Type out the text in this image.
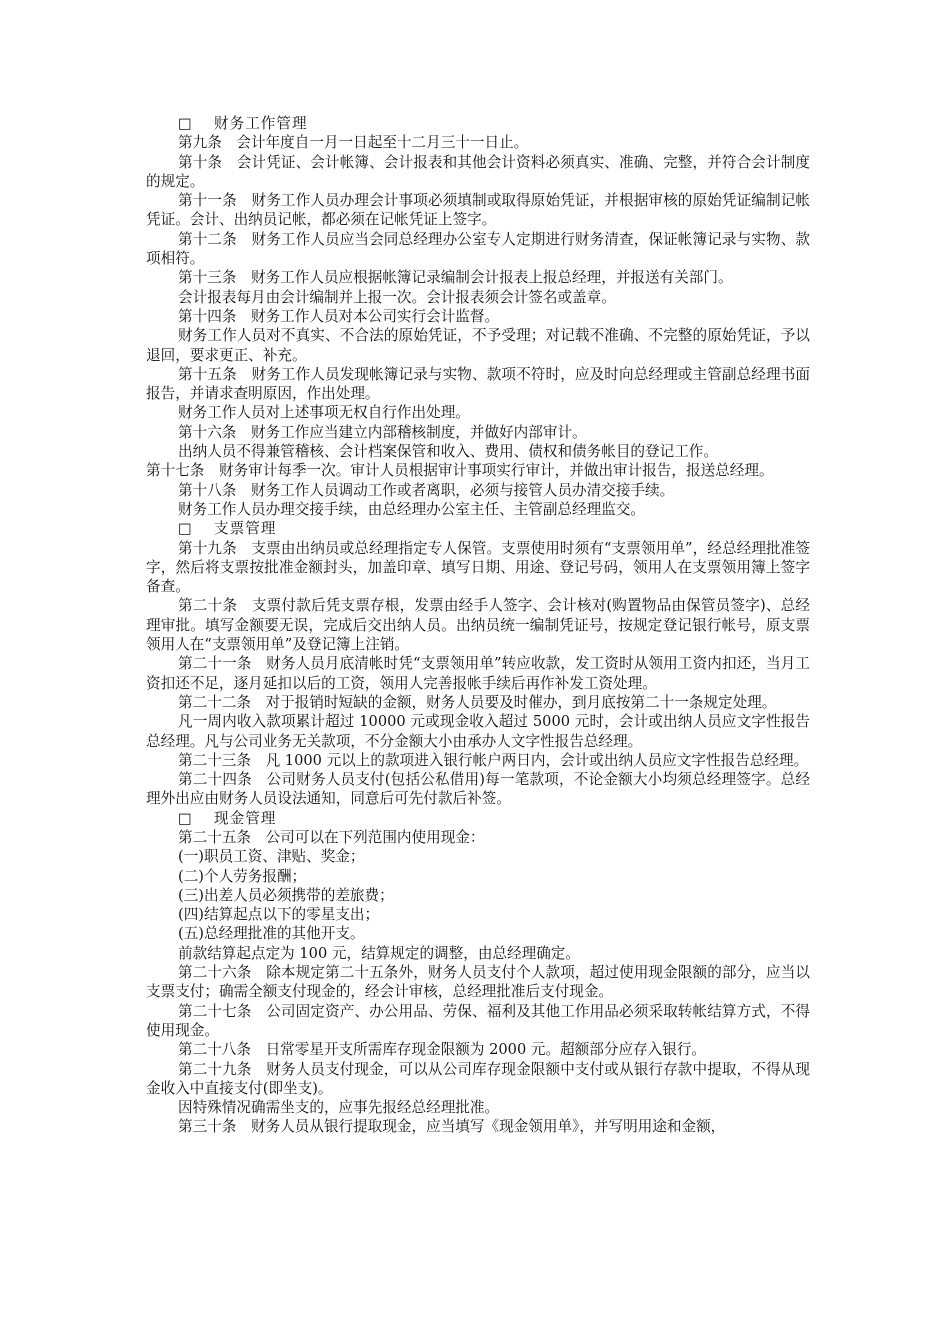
□　 财务工作管理

第九条　会计年度自一月一日起至十二月三十一日止。

第十条　会计凭证、会计帐簿、会计报表和其他会计资料必须真实、准确、完整，并符合会计制度的规定。

第十一条　财务工作人员办理会计事项必须填制或取得原始凭证，并根据审核的原始凭证编制记帐凭证。会计、出纳员记帐，都必须在记帐凭证上签字。

第十二条　财务工作人员应当会同总经理办公室专人定期进行财务清查，保证帐簿记录与实物、款项相符。

第十三条　财务工作人员应根据帐簿记录编制会计报表上报总经理，并报送有关部门。

会计报表每月由会计编制并上报一次。会计报表须会计签名或盖章。

第十四条　财务工作人员对本公司实行会计监督。

财务工作人员对不真实、不合法的原始凭证，不予受理；对记载不准确、不完整的原始凭证，予以退回，要求更正、补充。

第十五条　财务工作人员发现帐簿记录与实物、款项不符时，应及时向总经理或主管副总经理书面报告，并请求查明原因，作出处理。

财务工作人员对上述事项无权自行作出处理。

第十六条　财务工作应当建立内部稽核制度，并做好内部审计。

出纳人员不得兼管稽核、会计档案保管和收入、费用、债权和债务帐目的登记工作。

第十七条　财务审计每季一次。审计人员根据审计事项实行审计，并做出审计报告，报送总经理。

第十八条　财务工作人员调动工作或者离职，必须与接管人员办清交接手续。

财务工作人员办理交接手续，由总经理办公室主任、主管副总经理监交。

□　 支票管理

第十九条　支票由出纳员或总经理指定专人保管。支票使用时须有“支票领用单”，经总经理批准签字，然后将支票按批准金额封头，加盖印章、填写日期、用途、登记号码，领用人在支票领用簿上签字备查。

第二十条　支票付款后凭支票存根，发票由经手人签字、会计核对(购置物品由保管员签字)、总经理审批。填写金额要无误，完成后交出纳人员。出纳员统一编制凭证号，按规定登记银行帐号，原支票领用人在“支票领用单”及登记簿上注销。

第二十一条　财务人员月底清帐时凭“支票领用单”转应收款，发工资时从领用工资内扣还，当月工资扣还不足，逐月延扣以后的工资，领用人完善报帐手续后再作补发工资处理。

第二十二条　对于报销时短缺的金额，财务人员要及时催办，到月底按第二十一条规定处理。

凡一周内收入款项累计超过 10000 元或现金收入超过 5000 元时，会计或出纳人员应文字性报告总经理。凡与公司业务无关款项，不分金额大小由承办人文字性报告总经理。

第二十三条　凡 1000 元以上的款项进入银行帐户两日内，会计或出纳人员应文字性报告总经理。

第二十四条　公司财务人员支付(包括公私借用)每一笔款项，不论金额大小均须总经理签字。总经理外出应由财务人员设法通知，同意后可先付款后补签。

□　 现金管理

第二十五条　公司可以在下列范围内使用现金：

(一)职员工资、津贴、奖金；

(二)个人劳务报酬；

(三)出差人员必须携带的差旅费；

(四)结算起点以下的零星支出；

(五)总经理批准的其他开支。

前款结算起点定为 100 元，结算规定的调整，由总经理确定。

第二十六条　除本规定第二十五条外，财务人员支付个人款项，超过使用现金限额的部分，应当以支票支付；确需全额支付现金的，经会计审核，总经理批准后支付现金。

第二十七条　公司固定资产、办公用品、劳保、福利及其他工作用品必须采取转帐结算方式，不得使用现金。

第二十八条　日常零星开支所需库存现金限额为 2000 元。超额部分应存入银行。

第二十九条　财务人员支付现金，可以从公司库存现金限额中支付或从银行存款中提取，不得从现金收入中直接支付(即坐支)。

因特殊情况确需坐支的，应事先报经总经理批准。

第三十条　财务人员从银行提取现金，应当填写《现金领用单》，并写明用途和金额，
